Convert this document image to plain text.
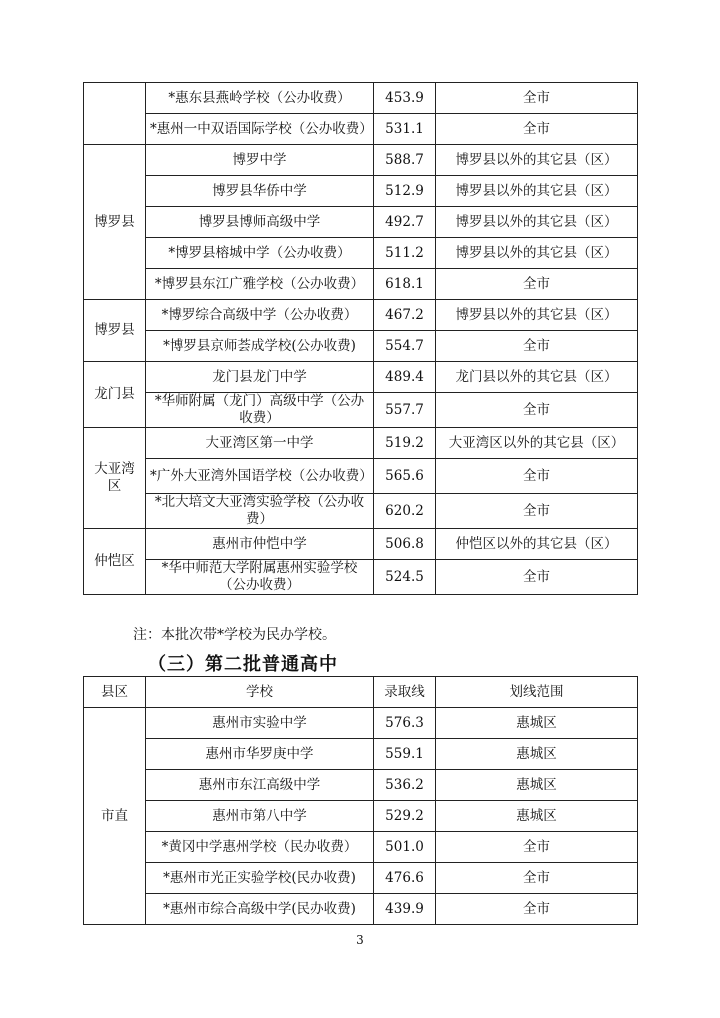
	*惠东县燕岭学校（公办收费）	453.9	全市
	*惠州一中双语国际学校（公办收费）	531.1	全市
博罗县	博罗中学	588.7	博罗县以外的其它县（区）
	博罗县华侨中学	512.9	博罗县以外的其它县（区）
	博罗县博师高级中学	492.7	博罗县以外的其它县（区）
	*博罗县榕城中学（公办收费）	511.2	博罗县以外的其它县（区）
	*博罗县东江广雅学校（公办收费）	618.1	全市
博罗县	*博罗综合高级中学（公办收费）	467.2	博罗县以外的其它县（区）
	*博罗县京师荟成学校(公办收费)	554.7	全市
龙门县	龙门县龙门中学	489.4	龙门县以外的其它县（区）
	*华师附属（龙门）高级中学（公办收费）	557.7	全市
大亚湾区	大亚湾区第一中学	519.2	大亚湾区以外的其它县（区）
	*广外大亚湾外国语学校（公办收费）	565.6	全市
	*北大培文大亚湾实验学校（公办收费）	620.2	全市
仲恺区	惠州市仲恺中学	506.8	仲恺区以外的其它县（区）
	*华中师范大学附属惠州实验学校（公办收费）	524.5	全市
注：本批次带*学校为民办学校。
（三）第二批普通高中
县区	学校	录取线	划线范围
市直	惠州市实验中学	576.3	惠城区
	惠州市华罗庚中学	559.1	惠城区
	惠州市东江高级中学	536.2	惠城区
	惠州市第八中学	529.2	惠城区
	*黄冈中学惠州学校（民办收费）	501.0	全市
	*惠州市光正实验学校(民办收费)	476.6	全市
	*惠州市综合高级中学(民办收费)	439.9	全市
3
